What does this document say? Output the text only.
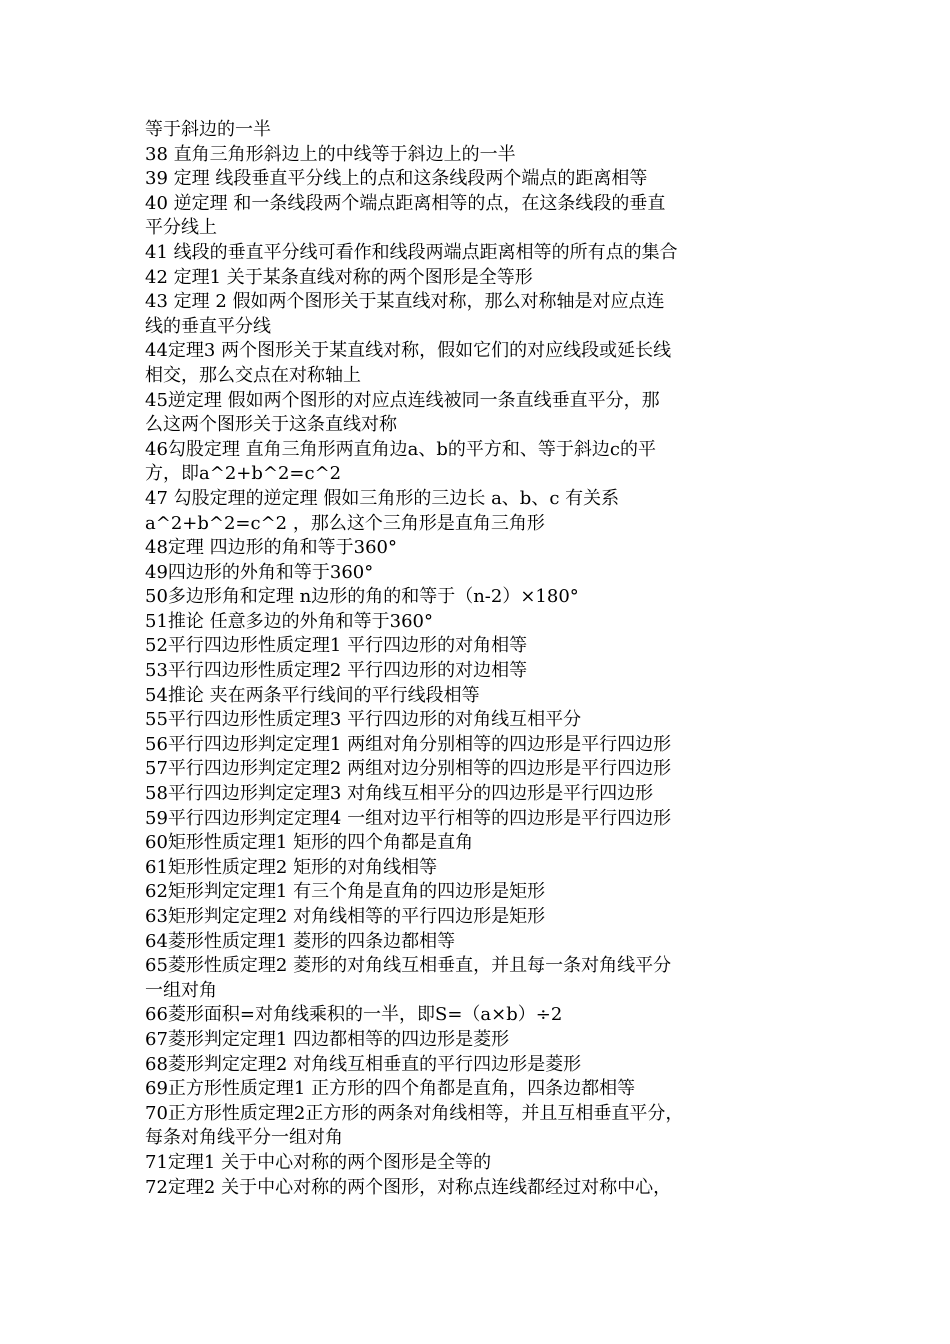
等于斜边的一半
38 直角三角形斜边上的中线等于斜边上的一半
39 定理 线段垂直平分线上的点和这条线段两个端点的距离相等
40 逆定理 和一条线段两个端点距离相等的点，在这条线段的垂直
平分线上
41 线段的垂直平分线可看作和线段两端点距离相等的所有点的集合
42 定理1 关于某条直线对称的两个图形是全等形
43 定理 2 假如两个图形关于某直线对称，那么对称轴是对应点连
线的垂直平分线
44定理3 两个图形关于某直线对称，假如它们的对应线段或延长线
相交，那么交点在对称轴上
45逆定理 假如两个图形的对应点连线被同一条直线垂直平分，那
么这两个图形关于这条直线对称
46勾股定理 直角三角形两直角边a、b的平方和、等于斜边c的平
方，即a^2+b^2=c^2
47 勾股定理的逆定理 假如三角形的三边长 a、b、c 有关系
a^2+b^2=c^2 ，那么这个三角形是直角三角形
48定理 四边形的角和等于360°
49四边形的外角和等于360°
50多边形角和定理 n边形的角的和等于（n-2）×180°
51推论 任意多边的外角和等于360°
52平行四边形性质定理1 平行四边形的对角相等
53平行四边形性质定理2 平行四边形的对边相等
54推论 夹在两条平行线间的平行线段相等
55平行四边形性质定理3 平行四边形的对角线互相平分
56平行四边形判定定理1 两组对角分别相等的四边形是平行四边形
57平行四边形判定定理2 两组对边分别相等的四边形是平行四边形
58平行四边形判定定理3 对角线互相平分的四边形是平行四边形
59平行四边形判定定理4 一组对边平行相等的四边形是平行四边形
60矩形性质定理1 矩形的四个角都是直角
61矩形性质定理2 矩形的对角线相等
62矩形判定定理1 有三个角是直角的四边形是矩形
63矩形判定定理2 对角线相等的平行四边形是矩形
64菱形性质定理1 菱形的四条边都相等
65菱形性质定理2 菱形的对角线互相垂直，并且每一条对角线平分
一组对角
66菱形面积=对角线乘积的一半，即S=（a×b）÷2
67菱形判定定理1 四边都相等的四边形是菱形
68菱形判定定理2 对角线互相垂直的平行四边形是菱形
69正方形性质定理1 正方形的四个角都是直角，四条边都相等
70正方形性质定理2正方形的两条对角线相等，并且互相垂直平分，
每条对角线平分一组对角
71定理1 关于中心对称的两个图形是全等的
72定理2 关于中心对称的两个图形，对称点连线都经过对称中心，
